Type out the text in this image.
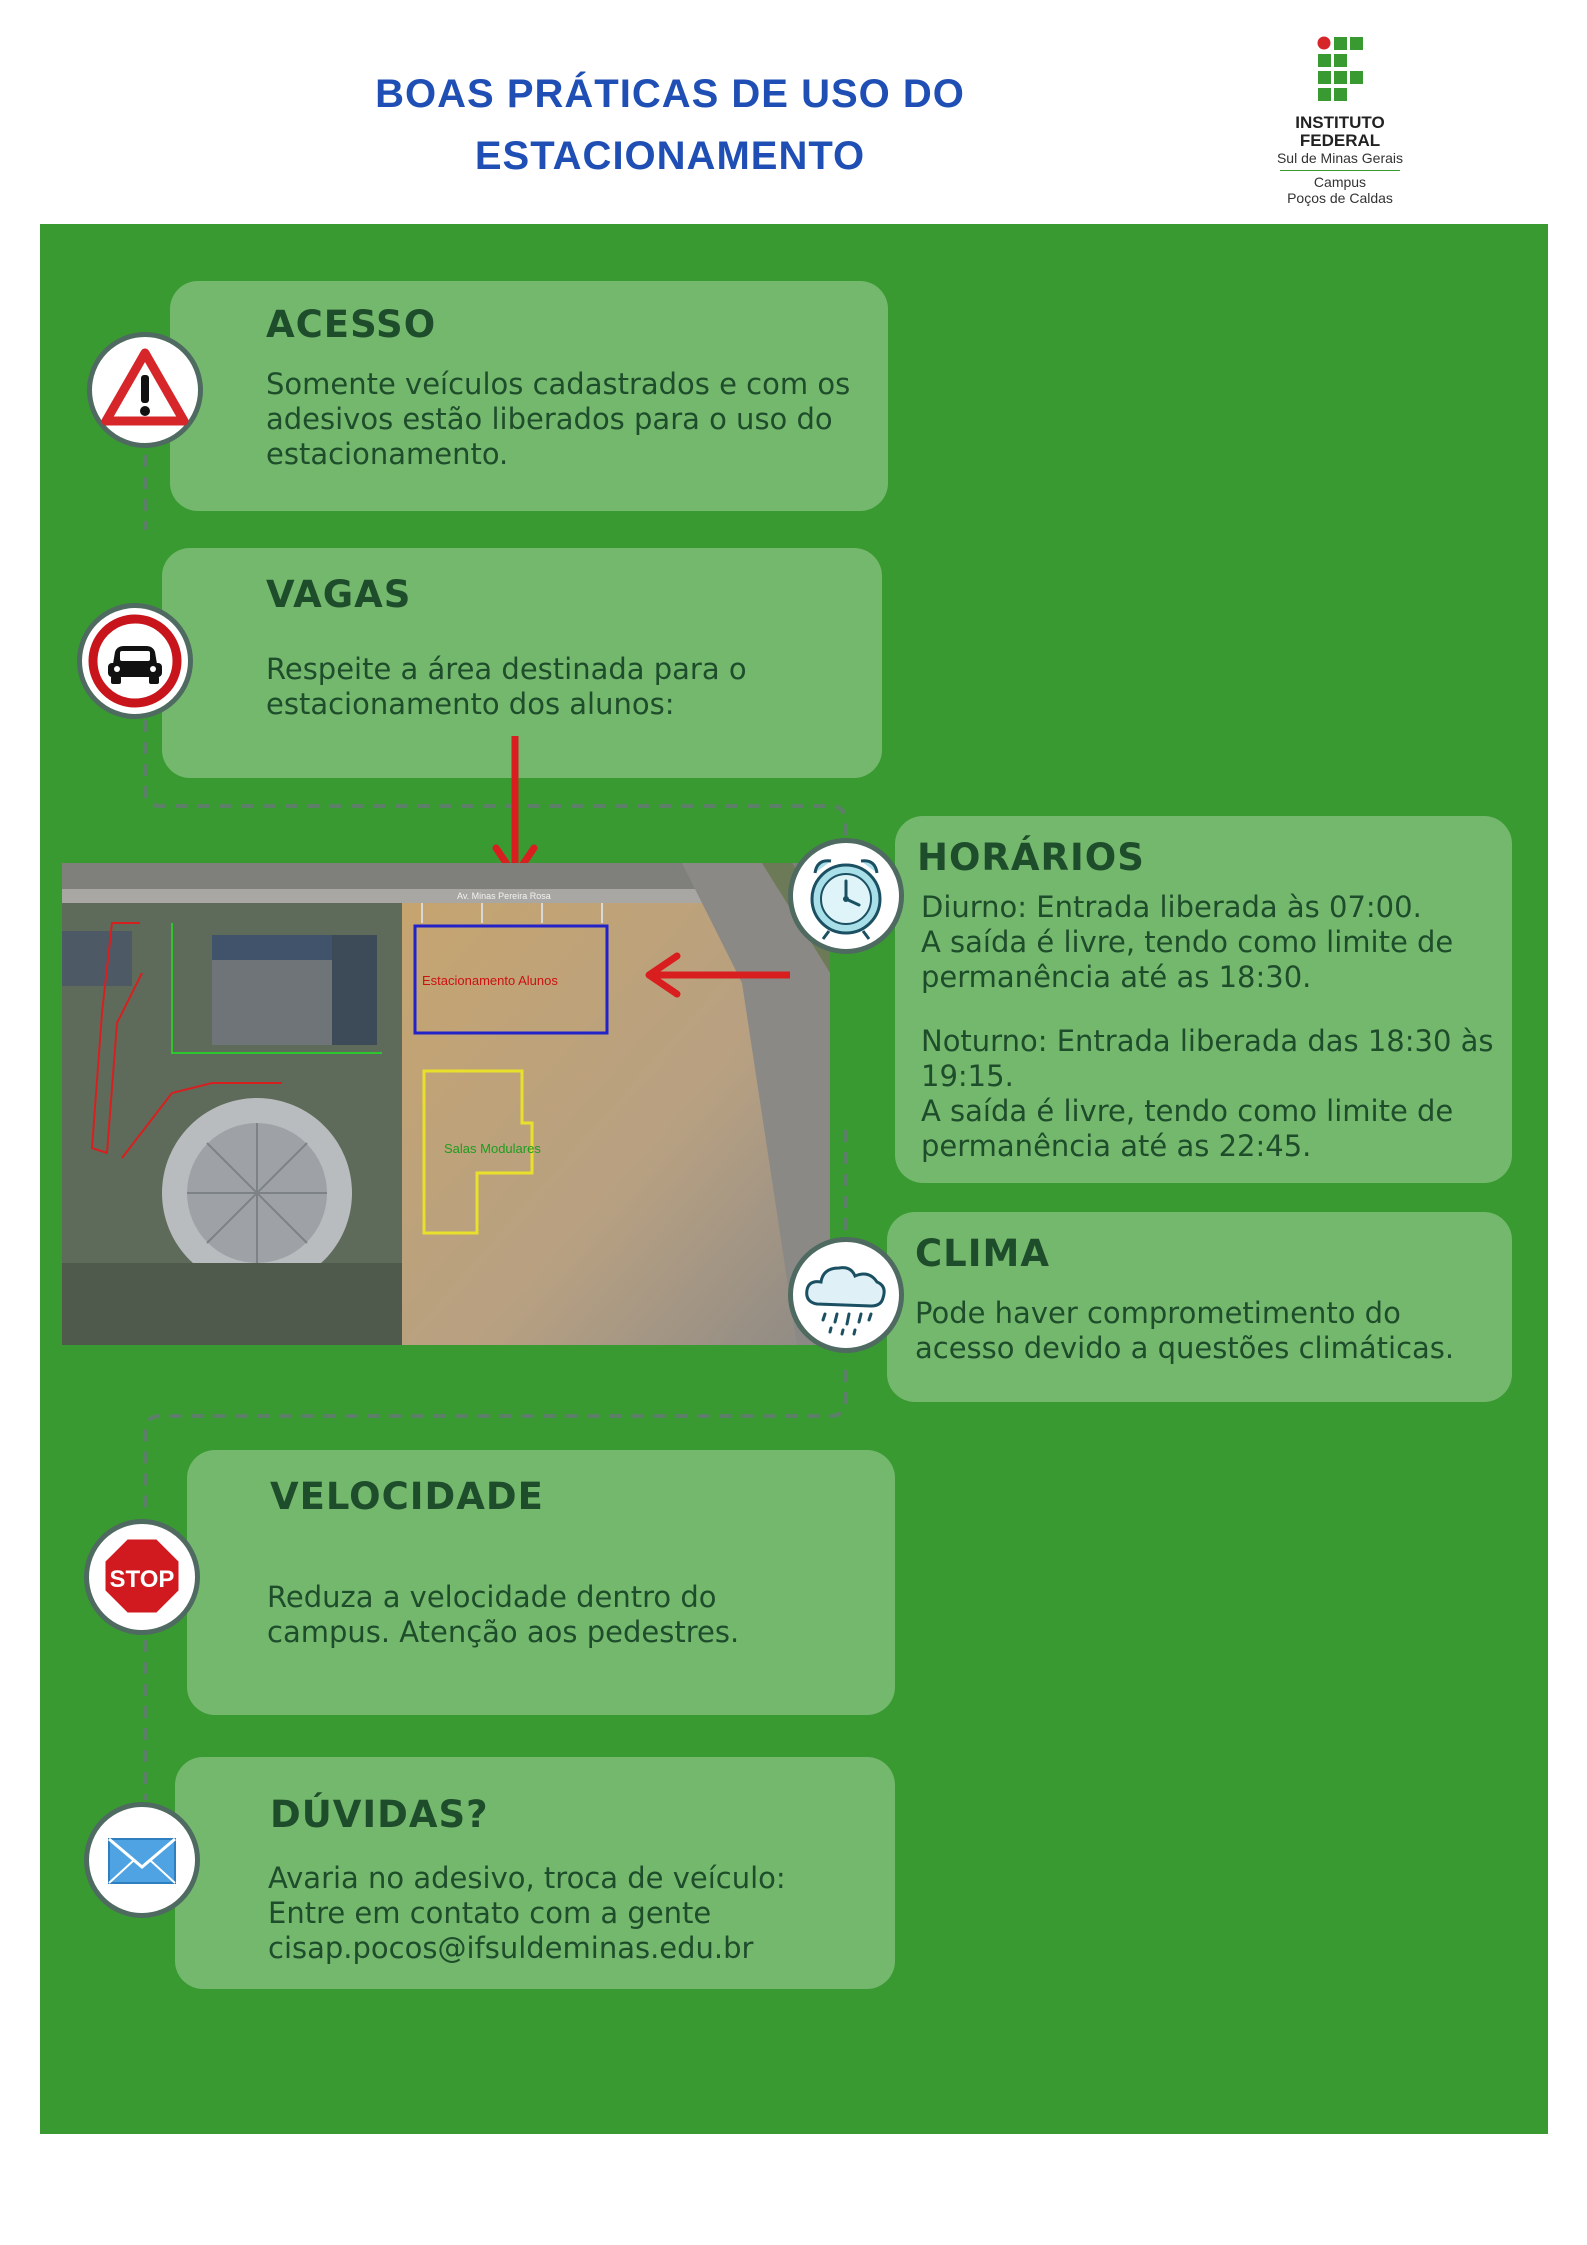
BOAS PRÁTICAS DE USO DO
ESTACIONAMENTO
INSTITUTO
FEDERAL
Sul de Minas Gerais
Campus
Poços de Caldas
ACESSO

Somente veículos cadastrados e com os adesivos estão liberados para o uso do estacionamento.

VAGAS

Respeite a área destinada para o estacionamento dos alunos:

Estacionamento Alunos
Salas Modulares
Av. Minas Pereira Rosa
HORÁRIOS

Diurno: Entrada liberada às 07:00.

A saída é livre, tendo como limite de permanência até as 18:30.

Noturno: Entrada liberada das 18:30 às 19:15.

A saída é livre, tendo como limite de permanência até as 22:45.

CLIMA

Pode haver comprometimento do acesso devido a questões climáticas.

VELOCIDADE

Reduza a velocidade dentro do campus. Atenção aos pedestres.

STOP
DÚVIDAS?

Avaria no adesivo, troca de veículo:

Entre em contato com a gente

cisap.pocos@ifsuldeminas.edu.br
